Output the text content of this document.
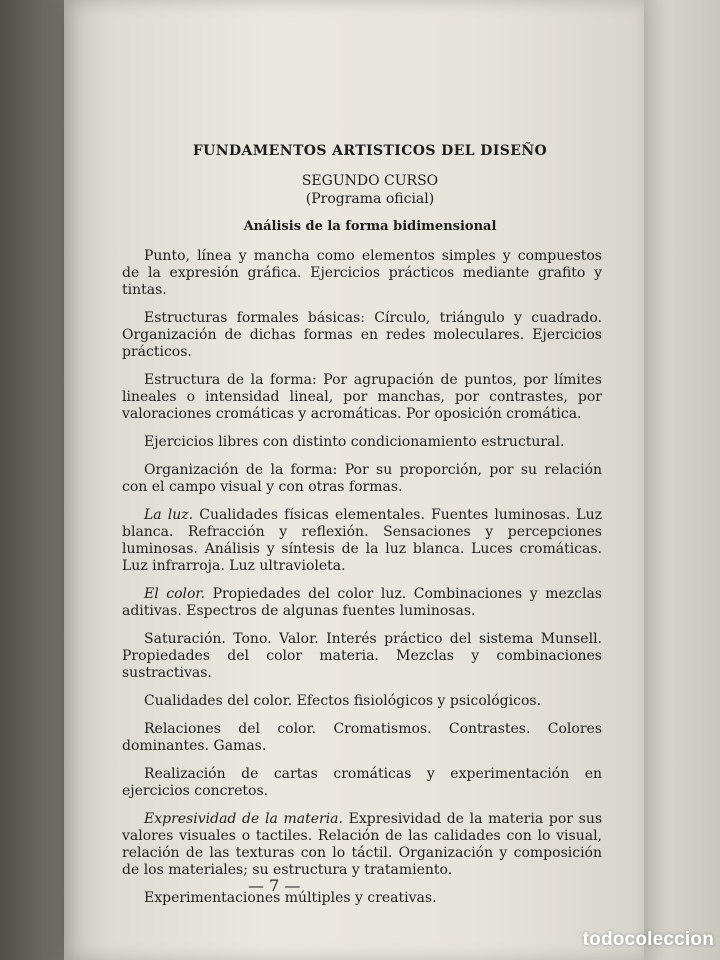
FUNDAMENTOS ARTISTICOS DEL DISEÑO
SEGUNDO CURSO
(Programa oficial)
Análisis de la forma bidimensional

Punto, línea y mancha como elementos simples y compuestos de la expresión gráfica. Ejercicios prácticos mediante grafito y tintas.

Estructuras formales básicas: Círculo, triángulo y cuadrado. Organización de dichas formas en redes moleculares. Ejercicios prácticos.

Estructura de la forma: Por agrupación de puntos, por límites lineales o intensidad lineal, por manchas, por contrastes, por valoraciones cromáticas y acromáticas. Por oposición cromática.

Ejercicios libres con distinto condicionamiento estructural.

Organización de la forma: Por su proporción, por su relación con el campo visual y con otras formas.

La luz. Cualidades físicas elementales. Fuentes luminosas. Luz blanca. Refracción y reflexión. Sensaciones y percepciones luminosas. Análisis y síntesis de la luz blanca. Luces cromáticas. Luz infrarroja. Luz ultravioleta.

El color. Propiedades del color luz. Combinaciones y mezclas aditivas. Espectros de algunas fuentes luminosas.

Saturación. Tono. Valor. Interés práctico del sistema Munsell. Propiedades del color materia. Mezclas y combinaciones sustractivas.

Cualidades del color. Efectos fisiológicos y psicológicos.

Relaciones del color. Cromatismos. Contrastes. Colores dominantes. Gamas.

Realización de cartas cromáticas y experimentación en ejercicios concretos.

Expresividad de la materia. Expresividad de la materia por sus valores visuales o tactiles. Relación de las calidades con lo visual, relación de las texturas con lo táctil. Organización y composición de los materiales; su estructura y tratamiento.

Experimentaciones múltiples y creativas.

— 7 —
todocoleccion
